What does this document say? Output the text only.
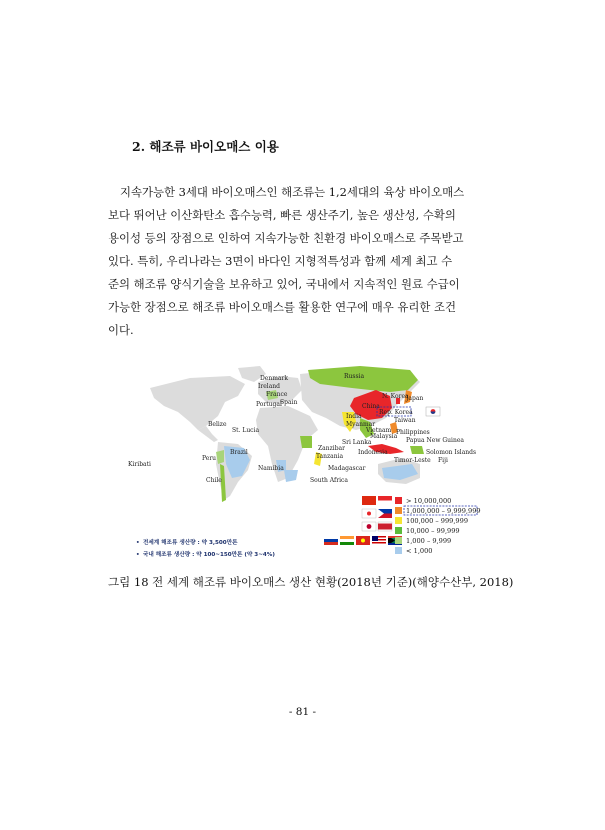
2. 해조류 바이오매스 이용

지속가능한 3세대 바이오매스인 해조류는 1,2세대의 육상 바이오매스
보다 뛰어난 이산화탄소 흡수능력, 빠른 생산주기, 높은 생산성, 수확의
용이성 등의 장점으로 인하여 지속가능한 친환경 바이오매스로 주목받고
있다. 특히, 우리나라는 3면이 바다인 지형적특성과 함께 세계 최고 수
준의 해조류 양식기술을 보유하고 있어, 국내에서 지속적인 원료 수급이
가능한 장점으로 해조류 바이오매스를 활용한 연구에 매우 유리한 조건
이다.

Russia
Denmark
Ireland
France
Portugal
Spain
China
N. Korea
Japan
Rep. Korea
Taiwan
India
Myanmar
Vietnam Philippines
Malaysia
Sri Lanka	Papua New Guinea
Zanzibar
Tanzania
Indonesia	Solomon Islands
Fiji
Timor-Leste
Belize
St. Lucia
Peru
Brazil
Kiribati
Namibia	Madagascar
South Africa
Chile
> 10,000,000
1,000,000 – 9,999,999
100,000 – 999,999
10,000 – 99,999
1,000 – 9,999
< 1,000
• 전세계 해조류 생산량 : 약 3,500만톤
• 국내 해조류 생산량 : 약 100~150만톤 (약 3~4%)
그림 18 전 세계 해조류 바이오매스 생산 현황(2018년 기준)(해양수산부, 2018)
- 81 -
